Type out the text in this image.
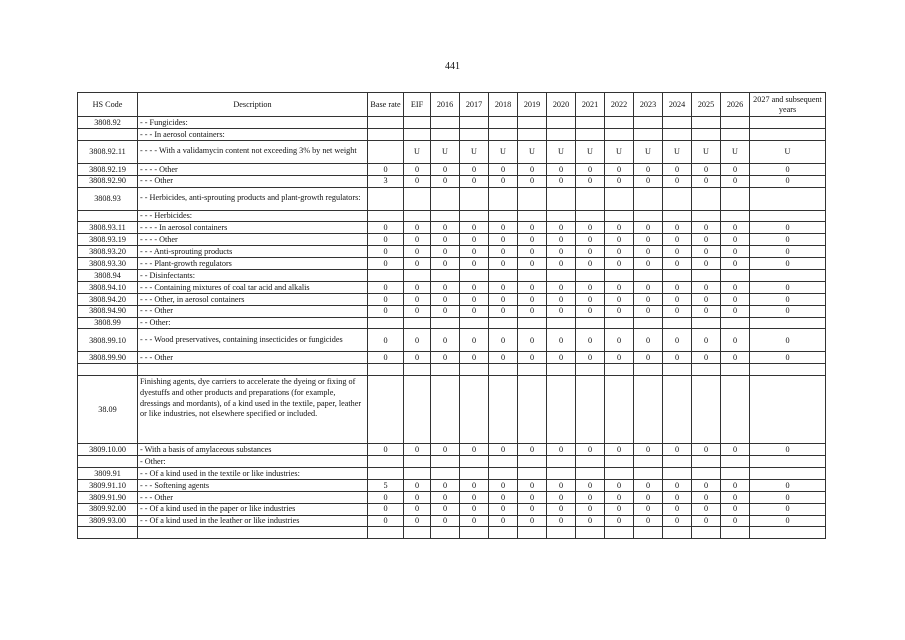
441
HS Code	Description	Base rate	EIF	2016	2017	2018	2019	2020	2021	2022	2023	2024	2025	2026	2027 and subsequent years
3808.92	- - Fungicides:														
	- - - In aerosol containers:														
3808.92.11	- - - - With a validamycin content not exceeding 3% by net weight		U	U	U	U	U	U	U	U	U	U	U	U	U
3808.92.19	- - - - Other	0	0	0	0	0	0	0	0	0	0	0	0	0	0
3808.92.90	- - - Other	3	0	0	0	0	0	0	0	0	0	0	0	0	0
3808.93	- - Herbicides, anti-sprouting products and plant-growth regulators:														
	- - - Herbicides:														
3808.93.11	- - - - In aerosol containers	0	0	0	0	0	0	0	0	0	0	0	0	0	0
3808.93.19	- - - - Other	0	0	0	0	0	0	0	0	0	0	0	0	0	0
3808.93.20	- - - Anti-sprouting products	0	0	0	0	0	0	0	0	0	0	0	0	0	0
3808.93.30	- - - Plant-growth regulators	0	0	0	0	0	0	0	0	0	0	0	0	0	0
3808.94	- - Disinfectants:														
3808.94.10	- - - Containing mixtures of coal tar acid and alkalis	0	0	0	0	0	0	0	0	0	0	0	0	0	0
3808.94.20	- - - Other, in aerosol containers	0	0	0	0	0	0	0	0	0	0	0	0	0	0
3808.94.90	- - - Other	0	0	0	0	0	0	0	0	0	0	0	0	0	0
3808.99	- - Other:														
3808.99.10	- - - Wood preservatives, containing insecticides or fungicides	0	0	0	0	0	0	0	0	0	0	0	0	0	0
3808.99.90	- - - Other	0	0	0	0	0	0	0	0	0	0	0	0	0	0

38.09	Finishing agents, dye carriers to accelerate the dyeing or fixing of dyestuffs and other products and preparations (for example, dressings and mordants), of a kind used in the textile, paper, leather or like industries, not elsewhere specified or included.														
3809.10.00	- With a basis of amylaceous substances	0	0	0	0	0	0	0	0	0	0	0	0	0	0
	- Other:														
3809.91	- - Of a kind used in the textile or like industries:														
3809.91.10	- - - Softening agents	5	0	0	0	0	0	0	0	0	0	0	0	0	0
3809.91.90	- - - Other	0	0	0	0	0	0	0	0	0	0	0	0	0	0
3809.92.00	- - Of a kind used in the paper or like industries	0	0	0	0	0	0	0	0	0	0	0	0	0	0
3809.93.00	- - Of a kind used in the leather or like industries	0	0	0	0	0	0	0	0	0	0	0	0	0	0
